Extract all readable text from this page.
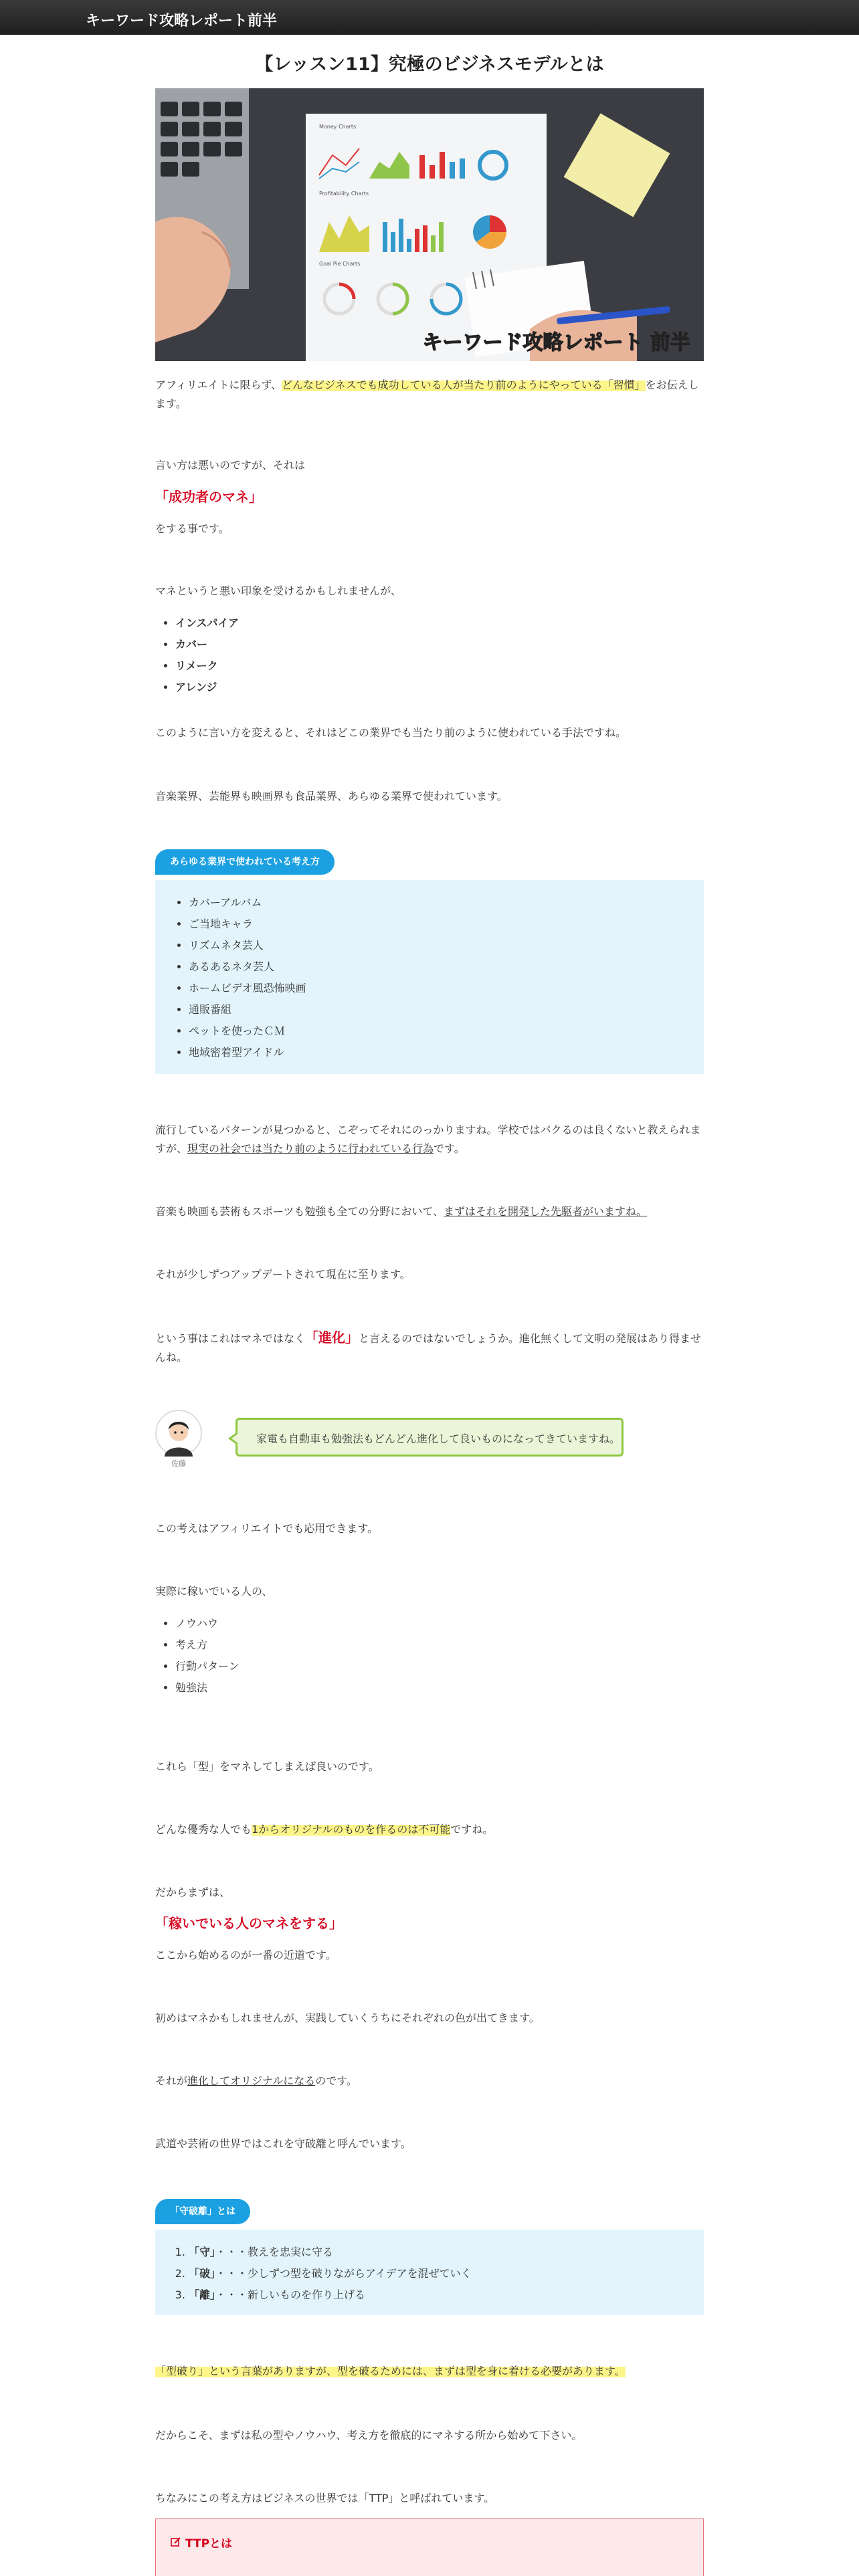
キーワード攻略レポート前半
【レッスン11】究極のビジネスモデルとは
Money Charts
Profitability Charts
Goal Pie Charts
キーワード攻略レポート 前半
アフィリエイトに限らず、どんなビジネスでも成功している人が当たり前のようにやっている「習慣」をお伝えします。
言い方は悪いのですが、それは
「成功者のマネ」
をする事です。
マネというと悪い印象を受けるかもしれませんが、
• インスパイア
• カバー
• リメーク
• アレンジ
このように言い方を変えると、それはどこの業界でも当たり前のように使われている手法ですね。
音楽業界、芸能界も映画界も食品業界、あらゆる業界で使われています。
あらゆる業界で使われている考え方
• カバーアルバム
• ご当地キャラ
• リズムネタ芸人
• あるあるネタ芸人
• ホームビデオ風恐怖映画
• 通販番組
• ペットを使ったＣＭ
• 地域密着型アイドル
流行しているパターンが見つかると、こぞってそれにのっかりますね。学校ではパクるのは良くないと教えられますが、現実の社会では当たり前のように行われている行為です。
音楽も映画も芸術もスポーツも勉強も全ての分野において、まずはそれを開発した先駆者がいますね。
それが少しずつアップデートされて現在に至ります。
という事はこれはマネではなく「進化」と言えるのではないでしょうか。進化無くして文明の発展はあり得ませんね。
佐藤
家電も自動車も勉強法もどんどん進化して良いものになってきていますね。
この考えはアフィリエイトでも応用できます。
実際に稼いでいる人の、
• ノウハウ
• 考え方
• 行動パターン
• 勉強法
これら「型」をマネしてしまえば良いのです。
どんな優秀な人でも1からオリジナルのものを作るのは不可能ですね。
だからまずは、
「稼いでいる人のマネをする」
ここから始めるのが一番の近道です。
初めはマネかもしれませんが、実践していくうちにそれぞれの色が出てきます。
それが進化してオリジナルになるのです。
武道や芸術の世界ではこれを守破離と呼んでいます。
「守破離」とは
1. 「守」・・・教えを忠実に守る
2. 「破」・・・少しずつ型を破りながらアイデアを混ぜていく
3. 「離」・・・新しいものを作り上げる
「型破り」という言葉がありますが、型を破るためには、まずは型を身に着ける必要があります。
だからこそ、まずは私の型やノウハウ、考え方を徹底的にマネする所から始めて下さい。
ちなみにこの考え方はビジネスの世界では「TTP」と呼ばれています。
TTPとは
